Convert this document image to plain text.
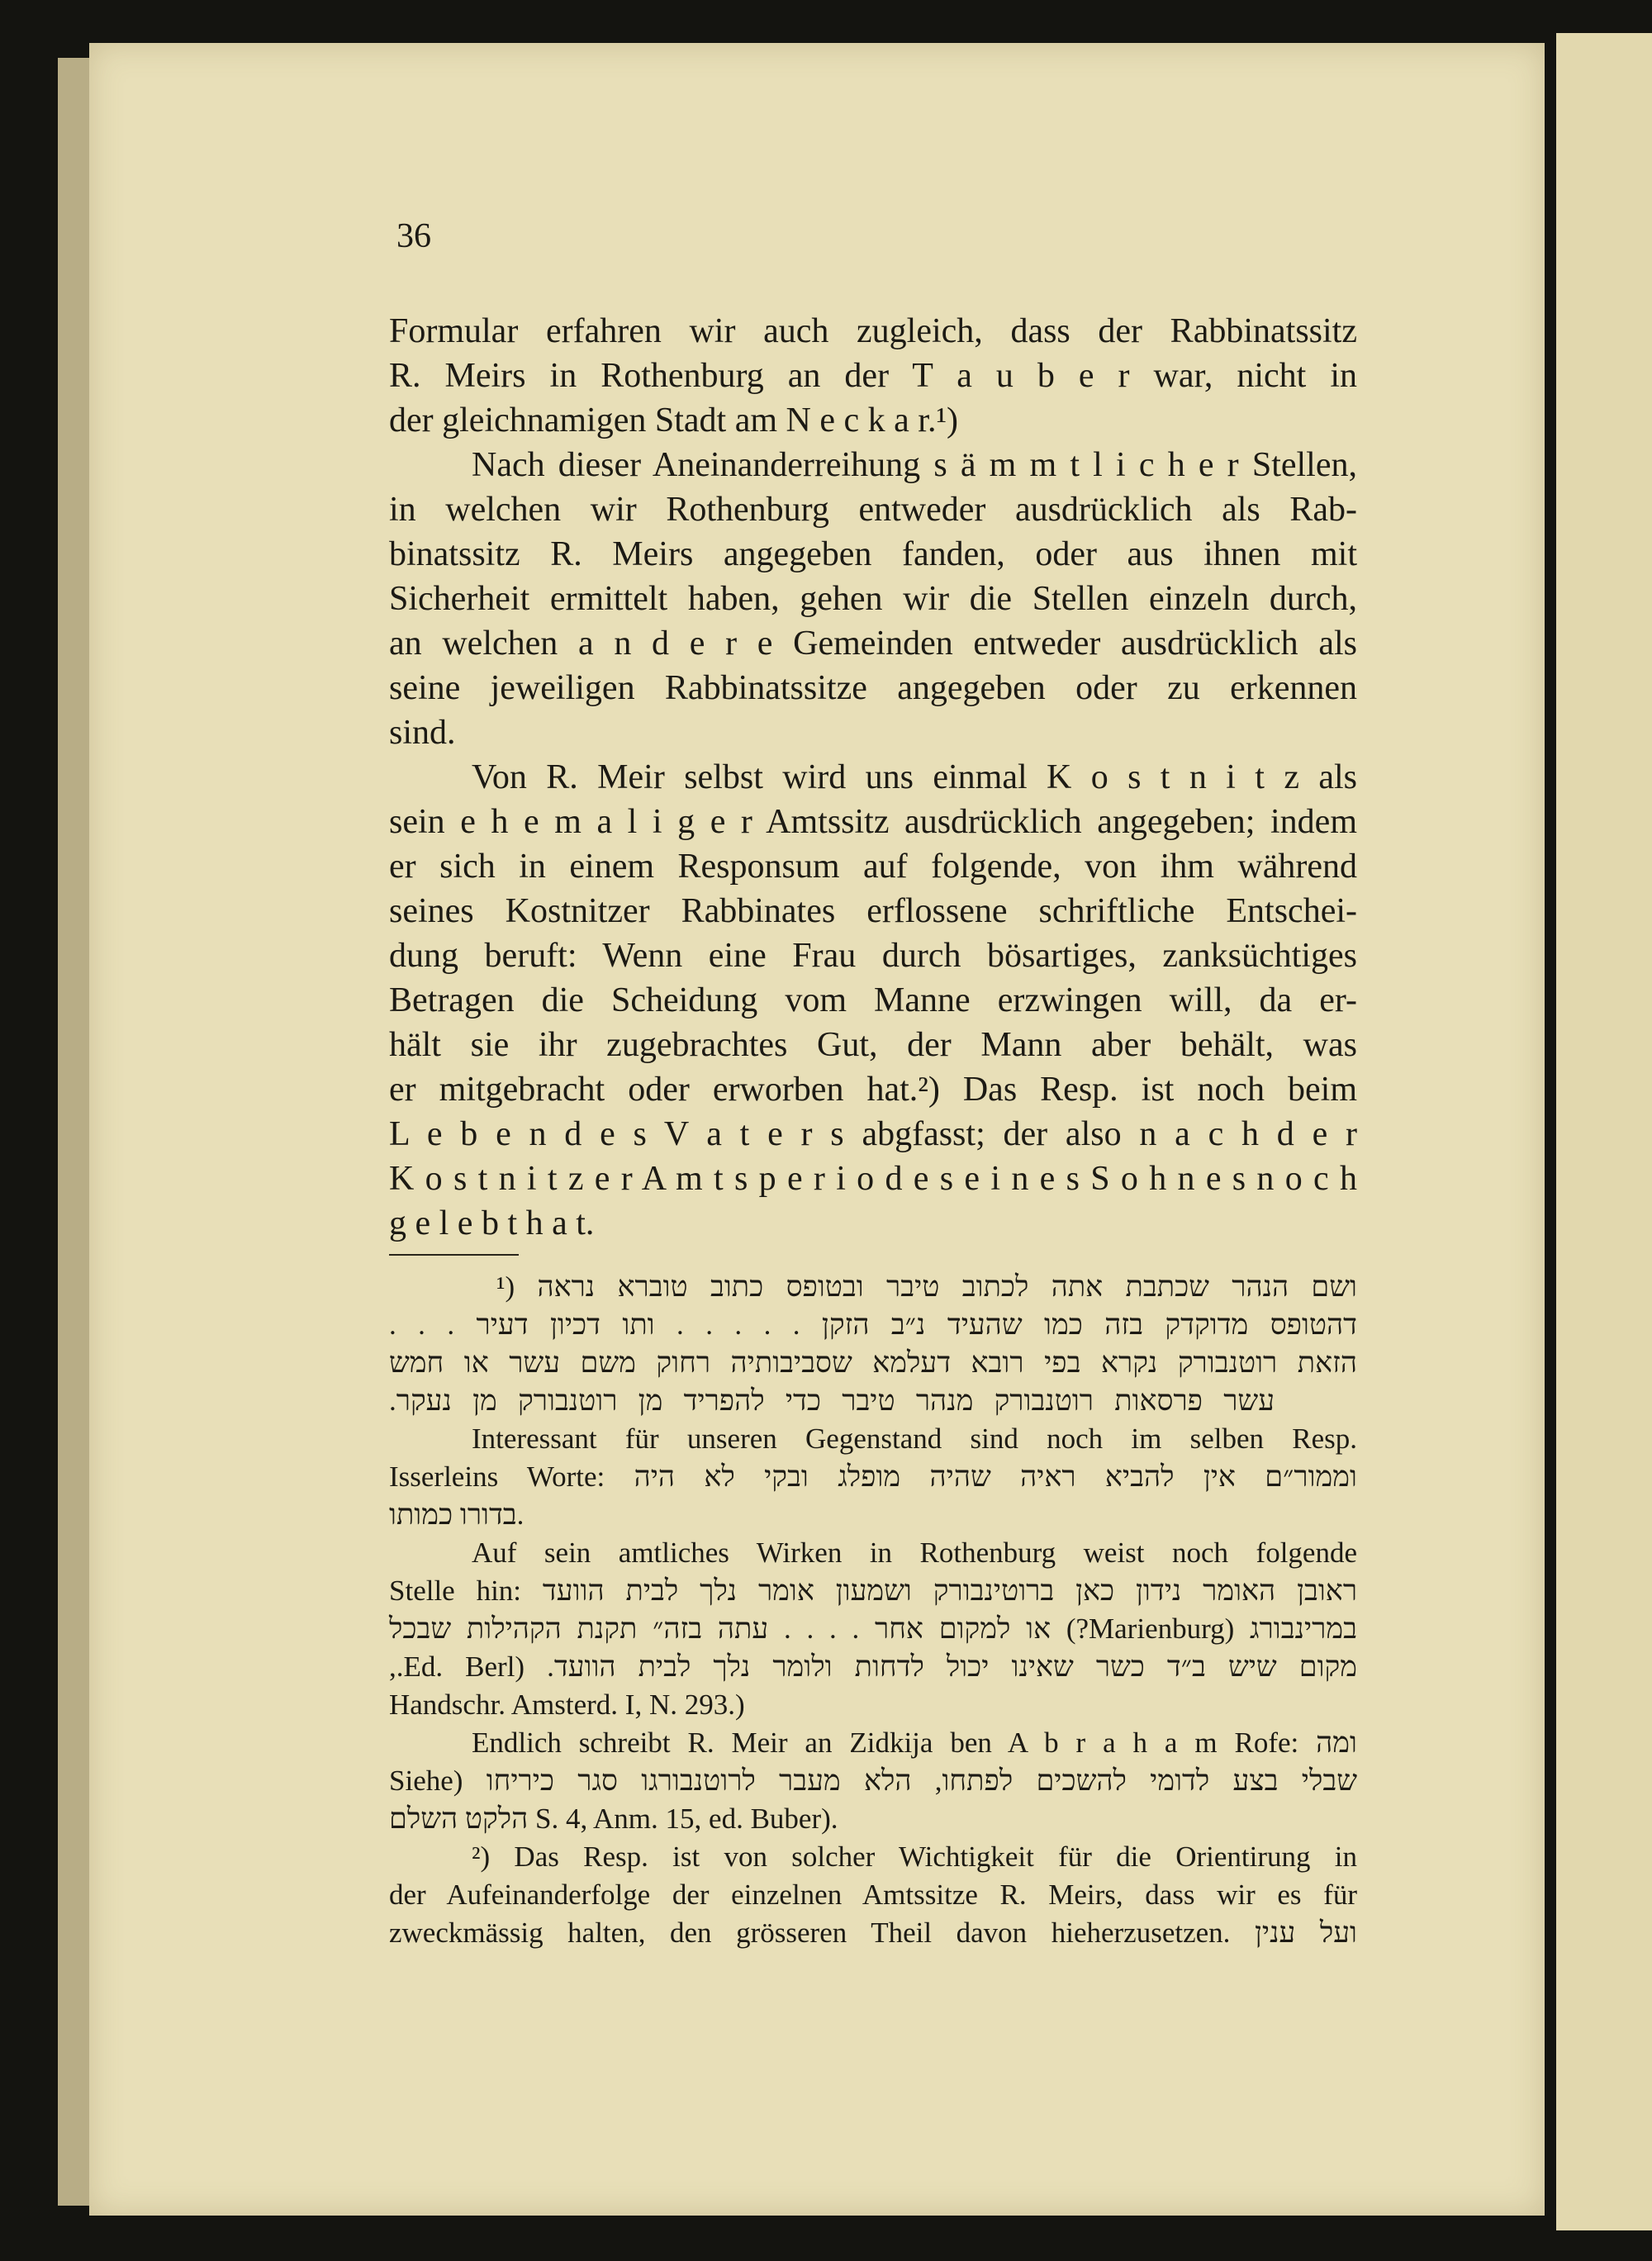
36
Formular erfahren wir auch zugleich, dass der Rabbinatssitz
R. Meirs in Rothenburg an der T a u b e r war, nicht in
der gleichnamigen Stadt am N e c k a r.¹)
Nach dieser Aneinanderreihung s ä m m t l i c h e r Stellen,
in welchen wir Rothenburg entweder ausdrücklich als Rab-
binatssitz R. Meirs angegeben fanden, oder aus ihnen mit
Sicherheit ermittelt haben, gehen wir die Stellen einzeln durch,
an welchen a n d e r e Gemeinden entweder ausdrücklich als
seine jeweiligen Rabbinatssitze angegeben oder zu erkennen
sind.
Von R. Meir selbst wird uns einmal K o s t n i t z als
sein e h e m a l i g e r Amtssitz ausdrücklich angegeben; indem
er sich in einem Responsum auf folgende, von ihm während
seines Kostnitzer Rabbinates erflossene schriftliche Entschei-
dung beruft: Wenn eine Frau durch bösartiges, zanksüchtiges
Betragen die Scheidung vom Manne erzwingen will, da er-
hält sie ihr zugebrachtes Gut, der Mann aber behält, was
er mitgebracht oder erworben hat.²) Das Resp. ist noch beim
L e b e n d e s V a t e r s abgfasst; der also n a c h d e r
K o s t n i t z e r A m t s p e r i o d e s e i n e s S o h n e s n o c h
g e l e b t h a t.
ושם הנהר שכתבת אתה לכתוב טיבר ובטופס כתוב טוברא נראה (¹
דהטופס מדוקדק בזה כמו שהעיד נ״ב הזקן . . . . . ותו דכיון דעיר . . .
הזאת רוטנבורק נקרא בפי רובא דעלמא שסביבותיה רחוק משם עשר או חמש
עשר פרסאות רוטנבורק מנהר טיבר כדי להפריד מן רוטנבורק מן נעקר.
Interessant für unseren Gegenstand sind noch im selben Resp.
Isserleins Worte: וממור״ם אין להביא ראיה שהיה מופלג ובקי לא היה
בדורו כמותו.
Auf sein amtliches Wirken in Rothenburg weist noch folgende
Stelle hin: ראובן האומר נידון כאן ברוטינבורק ושמעון אומר נלך לבית הוועד
במרינבורג (Marienburg?) או למקום אחר . . . . עתה בזה״ תקנת הקהילות שבכל
מקום שיש ב״ד כשר שאינו יכול לדחות ולומר נלך לבית הוועד. (Ed. Berl.,
Handschr. Amsterd. I, N. 293.)
Endlich schreibt R. Meir an Zidkija ben A b r a h a m Rofe: ומה
שבלי בצע לדומי להשכים לפתחו, הלא מעבר לרוטנבורגו סגר כיריחו (Siehe
הלקט השלם S. 4, Anm. 15, ed. Buber).
²) Das Resp. ist von solcher Wichtigkeit für die Orientirung in
der Aufeinanderfolge der einzelnen Amtssitze R. Meirs, dass wir es für
zweckmässig halten, den grösseren Theil davon hieherzusetzen. ועל ענין
